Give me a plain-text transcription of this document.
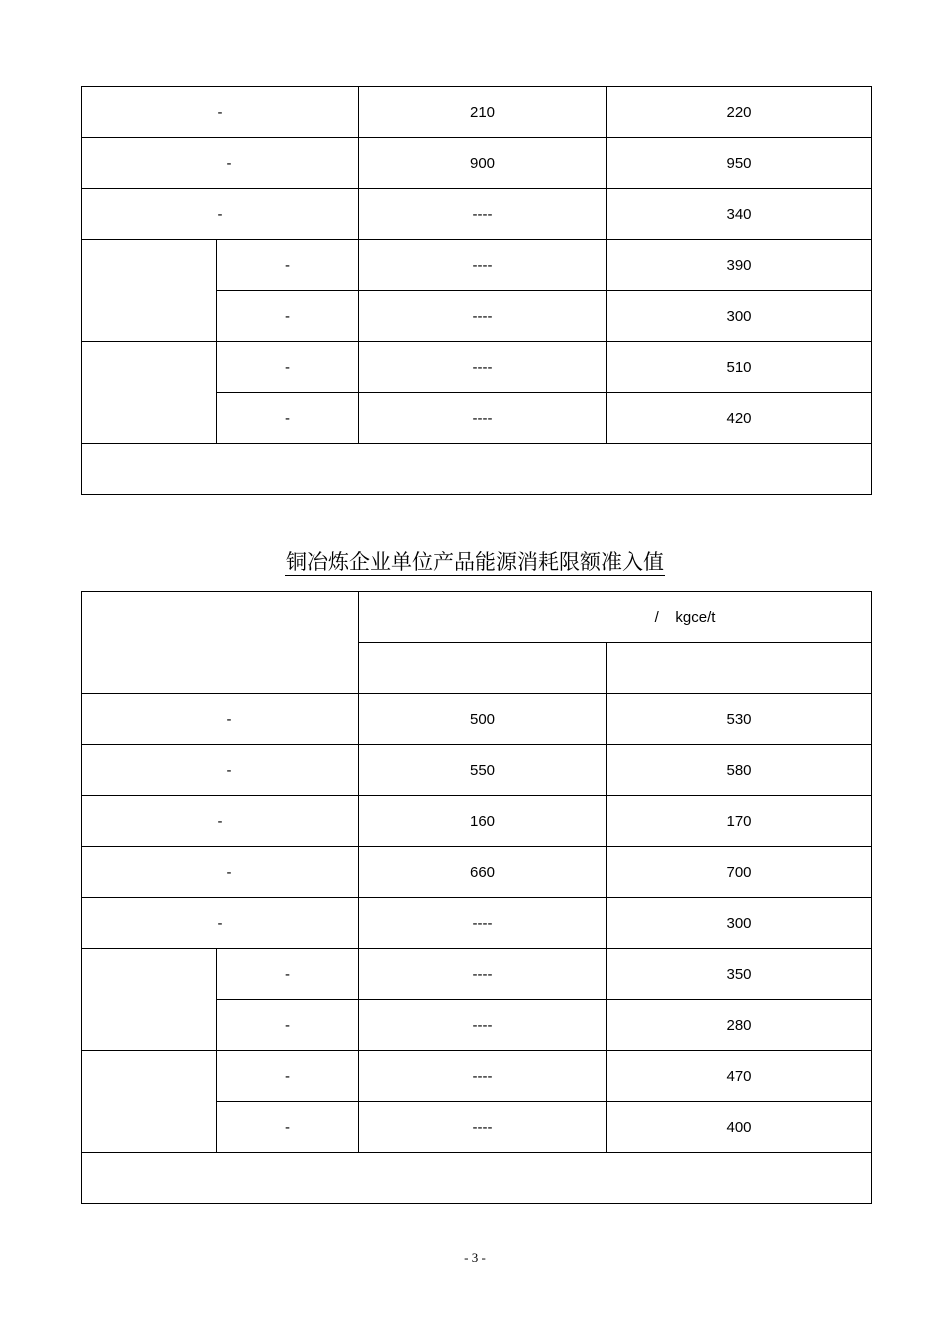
-		210	220
-		900	950
-		----	340
	-	----	390
	-	----	300
	-	----	510
	-	----	420

铜冶炼企业单位产品能源消耗限额准入值
		/    kgce/t	

-		500	530
-		550	580
-		160	170
-		660	700
-		----	300
	-	----	350
	-	----	280
	-	----	470
	-	----	400

- 3 -
